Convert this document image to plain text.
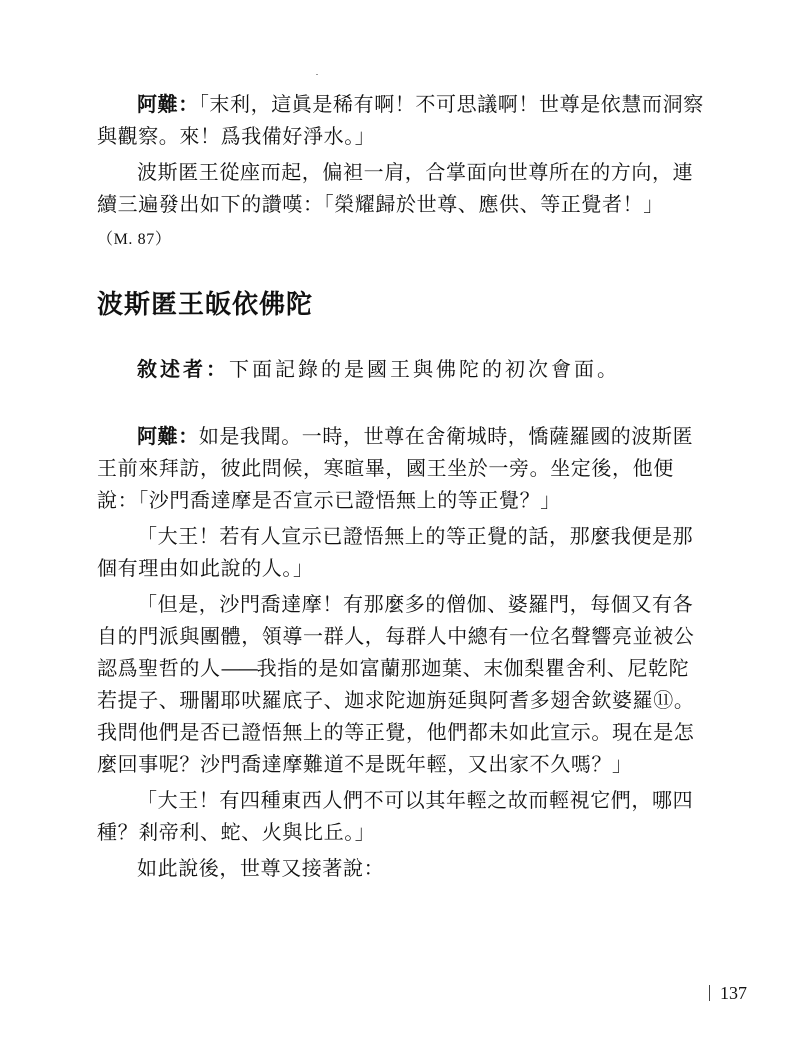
阿難：「末利，這眞是稀有啊！不可思議啊！世尊是依慧而洞察與觀察。來！爲我備好淨水。」

波斯匿王從座而起，偏袒一肩，合掌面向世尊所在的方向，連續三遍發出如下的讚嘆：「榮耀歸於世尊、應供、等正覺者！」

（M. 87）

波斯匿王皈依佛陀

敘述者：下面記錄的是國王與佛陀的初次會面。

阿難：如是我聞。一時，世尊在舍衛城時，憍薩羅國的波斯匿王前來拜訪，彼此問候，寒暄畢，國王坐於一旁。坐定後，他便說：「沙門喬達摩是否宣示已證悟無上的等正覺？」

「大王！若有人宣示已證悟無上的等正覺的話，那麼我便是那個有理由如此說的人。」

「但是，沙門喬達摩！有那麼多的僧伽、婆羅門，每個又有各自的門派與團體，領導一群人，每群人中總有一位名聲響亮並被公認爲聖哲的人——我指的是如富蘭那迦葉、末伽梨瞿舍利、尼乾陀若提子、珊闍耶吠羅底子、迦求陀迦旃延與阿耆多翅舍欽婆羅⑪。我問他們是否已證悟無上的等正覺，他們都未如此宣示。現在是怎麼回事呢？沙門喬達摩難道不是既年輕，又出家不久嗎？」

「大王！有四種東西人們不可以其年輕之故而輕視它們，哪四種？剎帝利、蛇、火與比丘。」

如此說後，世尊又接著說：

137
